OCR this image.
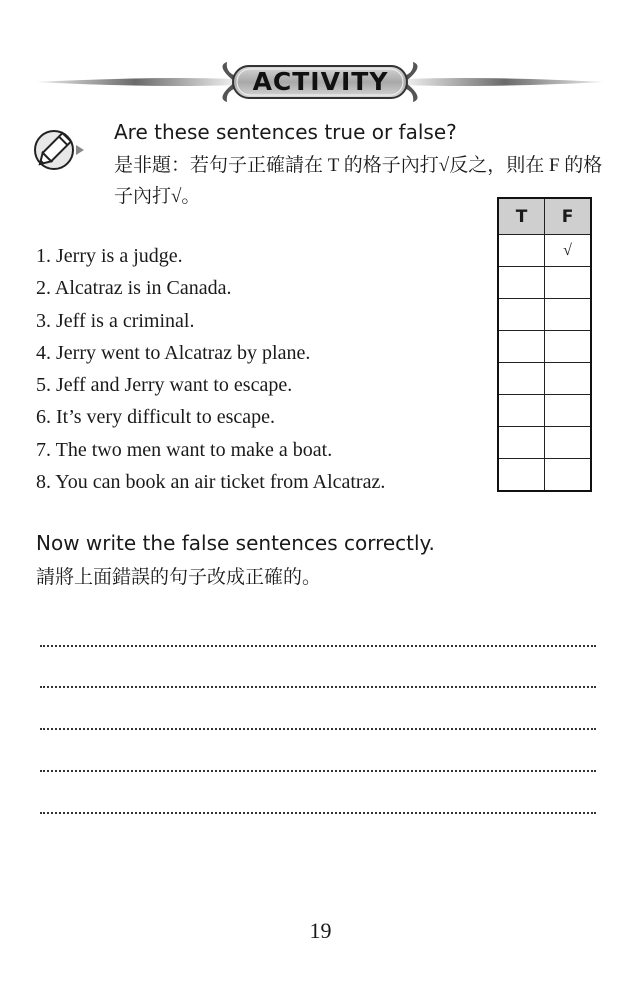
ACTIVITY
Are these sentences true or false?
是非題：若句子正確請在 T 的格子內打√反之，則在 F 的格子內打√。
T	F
	√

1. Jerry is a judge.
2. Alcatraz is in Canada.
3. Jeff is a criminal.
4. Jerry went to Alcatraz by plane.
5. Jeff and Jerry want to escape.
6. It’s very difficult to escape.
7. The two men want to make a boat.
8. You can book an air ticket from Alcatraz.
Now write the false sentences correctly.
請將上面錯誤的句子改成正確的。
19
